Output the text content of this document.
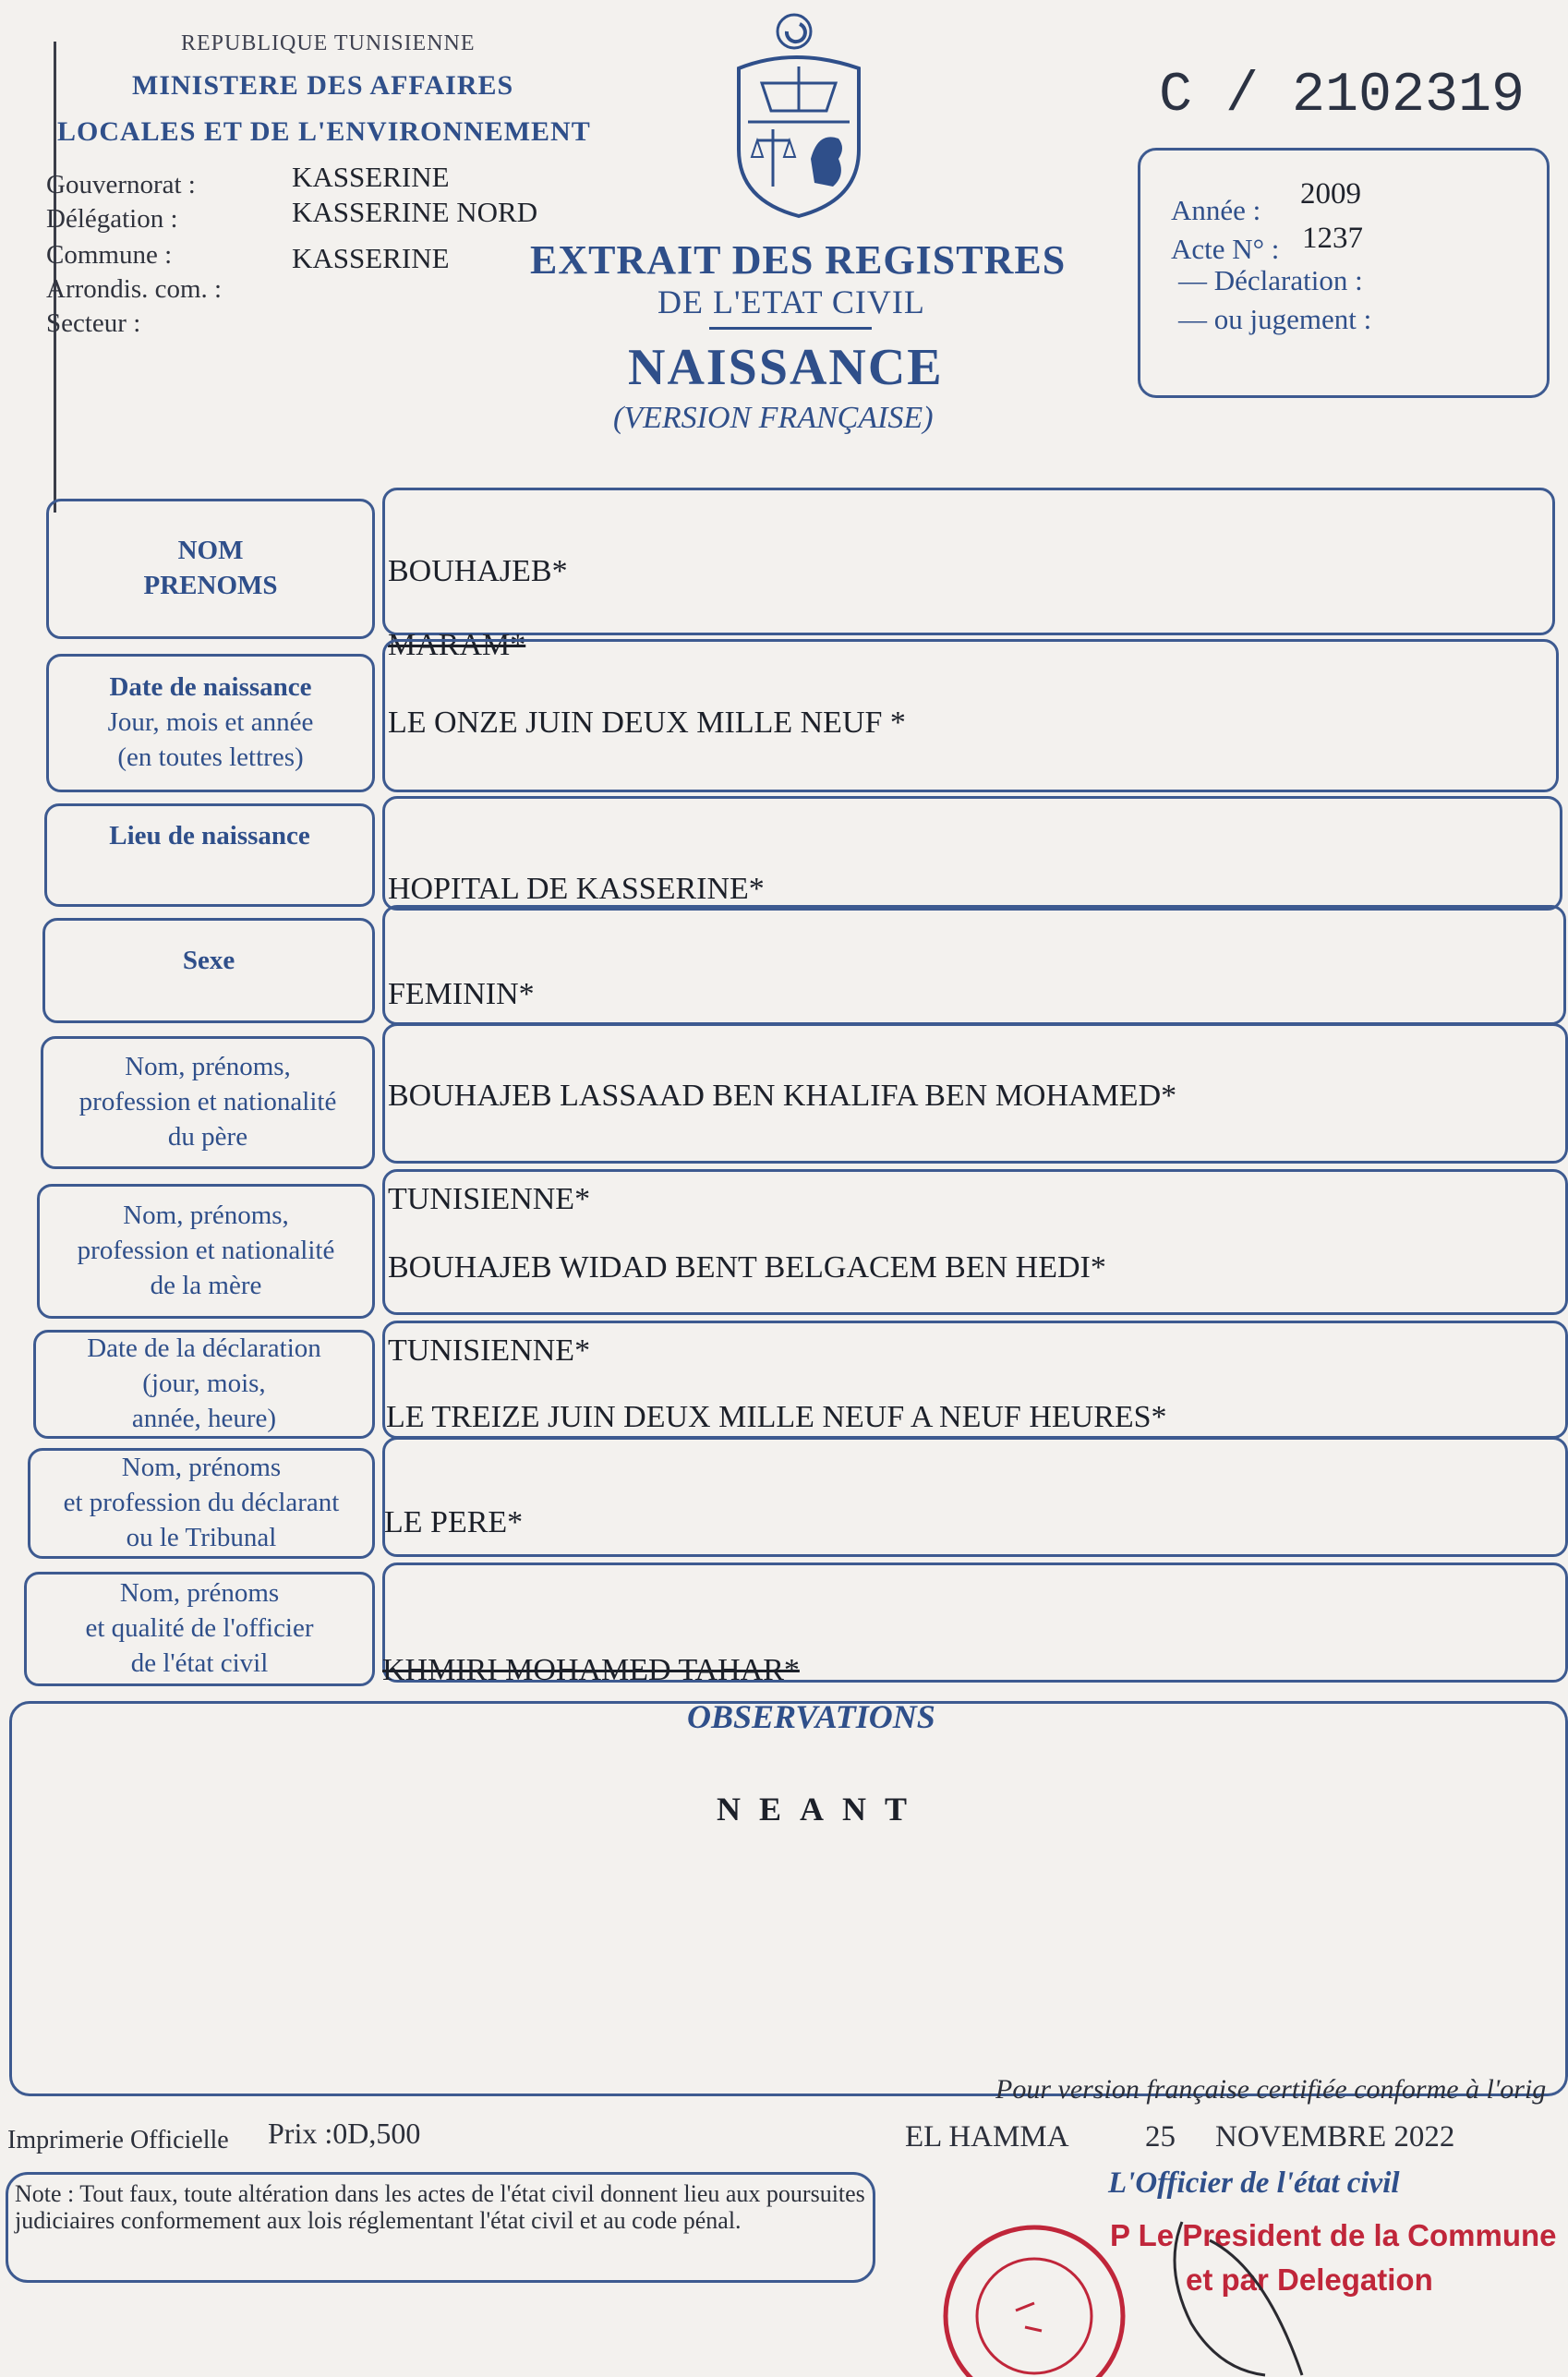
REPUBLIQUE TUNISIENNE
MINISTERE DES AFFAIRES
LOCALES ET DE L'ENVIRONNEMENT
Gouvernorat :	KASSERINE
Délégation :	KASSERINE NORD
Commune :	KASSERINE
Arrondis. com. :
Secteur :
C / 2102319
EXTRAIT DES REGISTRES
DE L'ETAT CIVIL
NAISSANCE
(VERSION FRANÇAISE)
Année : 2009
Acte N° : 1237
— Déclaration :
— ou jugement :
NOM
PRENOMS	BOUHAJEB*
MARAM*
Date de naissance
Jour, mois et année
(en toutes lettres)
LE ONZE JUIN DEUX MILLE NEUF *
Lieu de naissance
HOPITAL DE KASSERINE*
Sexe
FEMININ*
Nom, prénoms,
profession et nationalité
du père
BOUHAJEB LASSAAD BEN KHALIFA BEN MOHAMED*
TUNISIENNE*
Nom, prénoms,
profession et nationalité
de la mère
BOUHAJEB WIDAD BENT BELGACEM BEN HEDI*
TUNISIENNE*
Date de la déclaration
(jour, mois,
année, heure)	LE TREIZE JUIN DEUX MILLE NEUF A NEUF HEURES*
Nom, prénoms
et profession du déclarant
ou le Tribunal	LE PERE*
Nom, prénoms
et qualité de l'officier
de l'état civil	KHMIRI MOHAMED TAHAR*
OBSERVATIONS
NEANT
Pour version française certifiée conforme à l'orig
Imprimerie Officielle Prix :0D,500	EL HAMMA 25 NOVEMBRE 2022
Note : Tout faux, toute altération dans les actes de l'état civil donnent lieu aux poursuites judiciaires conformement aux lois réglementant l'état civil et au code pénal.
L'Officier de l'état civil
P Le President de la Commune
et par Delegation
